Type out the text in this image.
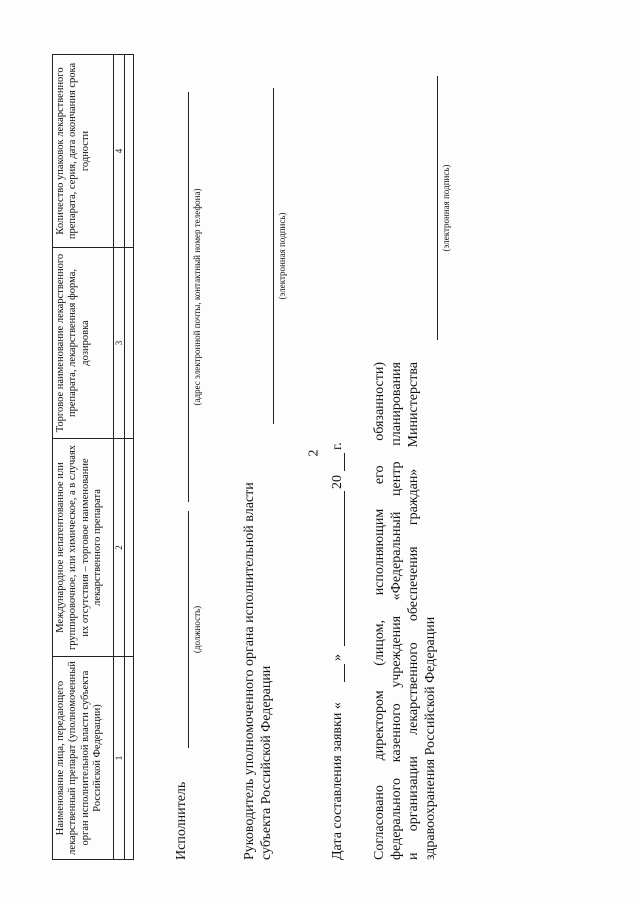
2
Наименование лица, передающего лекарственный препарат (уполномоченный орган исполнительной власти субъекта Российской Федерации)	Международное непатентованное или группировочное, или химическое, а в случаях их отсутствия – торговое наименование лекарственного препарата	Торговое наименование лекарственного препарата, лекарственная форма, дозировка	Количество упаковок лекарственного препарата, серия, дата окончания срока годности
1	2	3	4

Исполнитель
(должность)
(адрес электронной почты, контактный номер телефона)
Руководитель уполномоченного органа исполнительной власти субъекта Российской Федерации
(электронная подпись)
Дата составления заявки «
»
20
г. Согласовано директором (лицом, исполняющим его обязанности) федерального казенного учреждения «Федеральный центр планирования и организации лекарственного обеспечения граждан» Министерства здравоохранения Российской Федерации
(электронная подпись)
